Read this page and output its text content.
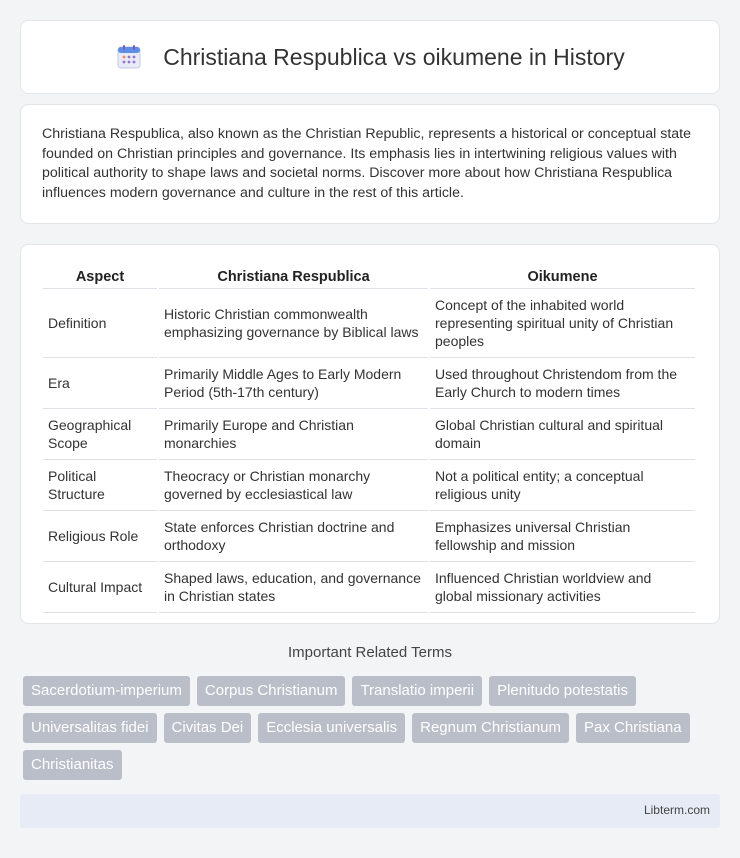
Christiana Respublica vs oikumene in History

Christiana Respublica, also known as the Christian Republic, represents a historical or conceptual state founded on Christian principles and governance. Its emphasis lies in intertwining religious values with political authority to shape laws and societal norms. Discover more about how Christiana Respublica influences modern governance and culture in the rest of this article.

Aspect	Christiana Respublica	Oikumene
Definition	Historic Christian commonwealth emphasizing governance by Biblical laws	Concept of the inhabited world representing spiritual unity of Christian peoples
Era	Primarily Middle Ages to Early Modern Period (5th-17th century)	Used throughout Christendom from the Early Church to modern times
Geographical Scope	Primarily Europe and Christian monarchies	Global Christian cultural and spiritual domain
Political Structure	Theocracy or Christian monarchy governed by ecclesiastical law	Not a political entity; a conceptual religious unity
Religious Role	State enforces Christian doctrine and orthodoxy	Emphasizes universal Christian fellowship and mission
Cultural Impact	Shaped laws, education, and governance in Christian states	Influenced Christian worldview and global missionary activities
Important Related Terms
Sacerdotium-imperium	Corpus Christianum	Translatio imperii	Plenitudo potestatis
Universalitas fidei	Civitas Dei	Ecclesia universalis	Regnum Christianum	Pax Christiana
Christianitas
Libterm.com
